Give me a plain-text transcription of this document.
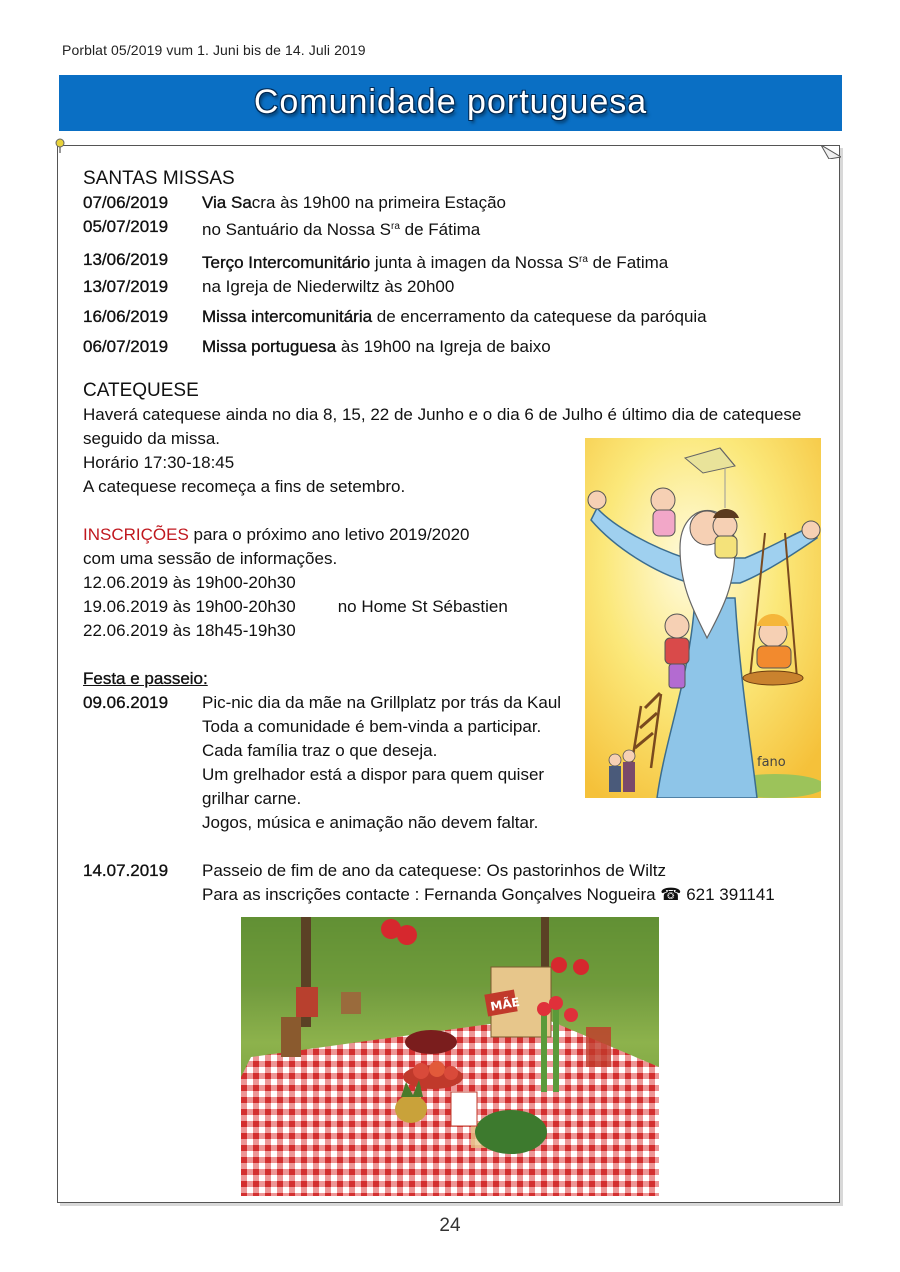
Porblat 05/2019 vum 1. Juni bis de 14. Juli 2019
Comunidade portuguesa
SANTAS MISSAS
07/06/2019	Via Sacra às 19h00 na primeira Estação
05/07/2019	no Santuário da Nossa $S^{ra}$ de Fátima
13/06/2019	Terço Intercomunitário junta à imagen da Nossa $S^{ra}$ de Fatima
13/07/2019	na Igreja de Niederwiltz às 20h00
16/06/2019	Missa intercomunitária de encerramento da catequese da paróquia
06/07/2019	Missa portuguesa às 19h00 na Igreja de baixo
CATEQUESE
Haverá catequese ainda no dia 8, 15, 22 de Junho e o dia 6 de Julho é último dia de catequese
seguido da missa.
Horário 17:30-18:45
A catequese recomeça a fins de setembro.
INSCRIÇÕES para o próximo ano letivo 2019/2020
com uma sessão de informações.
12.06.2019 às 19h00-20h30
19.06.2019 às 19h00-20h30 no Home St Sébastien
22.06.2019 às 18h45-19h30
Festa e passeio:
09.06.2019	Pic-nic dia da mãe na Grillplatz por trás da Kaul
Toda a comunidade é bem-vinda a participar.
Cada família traz o que deseja.
Um grelhador está a dispor para quem quiser
grilhar carne.
Jogos, música e animação não devem faltar.
14.07.2019	Passeio de fim de ano da catequese: Os pastorinhos de Wiltz
Para as inscrições contacte : Fernanda Gonçalves Nogueira ☎ 621 391141
fano
MÃE
24
